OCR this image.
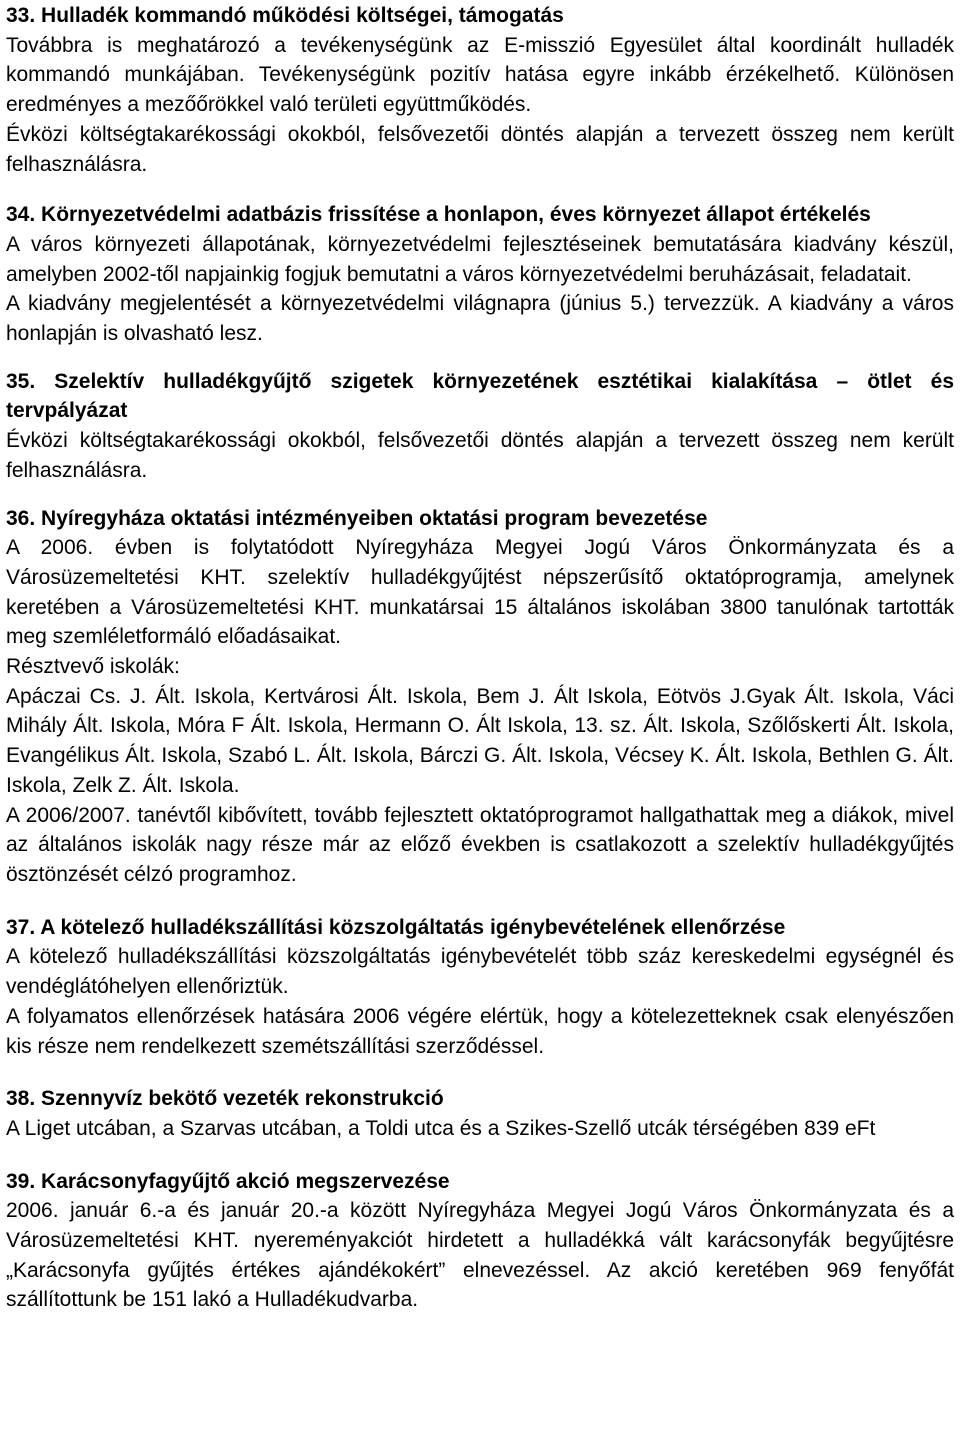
33. Hulladék kommandó működési költségei, támogatás

Továbbra is meghatározó a tevékenységünk az E-misszió Egyesület által koordinált hulladék kommandó munkájában. Tevékenységünk pozitív hatása egyre inkább érzékelhető. Különösen eredményes a mezőőrökkel való területi együttműködés.

Évközi költségtakarékossági okokból, felsővezetői döntés alapján a tervezett összeg nem került felhasználásra.

34. Környezetvédelmi adatbázis frissítése a honlapon, éves környezet állapot értékelés

A város környezeti állapotának, környezetvédelmi fejlesztéseinek bemutatására kiadvány készül, amelyben 2002-től napjainkig fogjuk bemutatni a város környezetvédelmi beruházásait, feladatait.

A kiadvány megjelentését a környezetvédelmi világnapra (június 5.) tervezzük. A kiadvány a város honlapján is olvasható lesz.

35. Szelektív hulladékgyűjtő szigetek környezetének esztétikai kialakítása – ötlet és tervpályázat

Évközi költségtakarékossági okokból, felsővezetői döntés alapján a tervezett összeg nem került felhasználásra.

36. Nyíregyháza oktatási intézményeiben oktatási program bevezetése

A 2006. évben is folytatódott Nyíregyháza Megyei Jogú Város Önkormányzata és a Városüzemeltetési KHT. szelektív hulladékgyűjtést népszerűsítő oktatóprogramja, amelynek keretében a Városüzemeltetési KHT. munkatársai 15 általános iskolában 3800 tanulónak tartották meg szemléletformáló előadásaikat.

Résztvevő iskolák:

Apáczai Cs. J. Ált. Iskola, Kertvárosi Ált. Iskola, Bem J. Ált Iskola, Eötvös J.Gyak Ált. Iskola, Váci Mihály Ált. Iskola, Móra F Ált. Iskola, Hermann O. Ált Iskola, 13. sz. Ált. Iskola, Szőlőskerti Ált. Iskola, Evangélikus Ált. Iskola, Szabó L. Ált. Iskola, Bárczi G. Ált. Iskola, Vécsey K. Ált. Iskola, Bethlen G. Ált. Iskola, Zelk Z. Ált. Iskola.

A 2006/2007. tanévtől kibővített, tovább fejlesztett oktatóprogramot hallgathattak meg a diákok, mivel az általános iskolák nagy része már az előző években is csatlakozott a szelektív hulladékgyűjtés ösztönzését célzó programhoz.

37. A kötelező hulladékszállítási közszolgáltatás igénybevételének ellenőrzése

A kötelező hulladékszállítási közszolgáltatás igénybevételét több száz kereskedelmi egységnél és vendéglátóhelyen ellenőriztük.

A folyamatos ellenőrzések hatására 2006 végére elértük, hogy a kötelezetteknek csak elenyészően kis része nem rendelkezett szemétszállítási szerződéssel.

38. Szennyvíz bekötő vezeték rekonstrukció

A Liget utcában, a Szarvas utcában, a Toldi utca és a Szikes-Szellő utcák térségében 839 eFt

39. Karácsonyfagyűjtő akció megszervezése

2006. január 6.-a és január 20.-a között Nyíregyháza Megyei Jogú Város Önkormányzata és a Városüzemeltetési KHT. nyereményakciót hirdetett a hulladékká vált karácsonyfák begyűjtésre „Karácsonyfa gyűjtés értékes ajándékokért” elnevezéssel. Az akció keretében 969 fenyőfát szállítottunk be 151 lakó a Hulladékudvarba.
